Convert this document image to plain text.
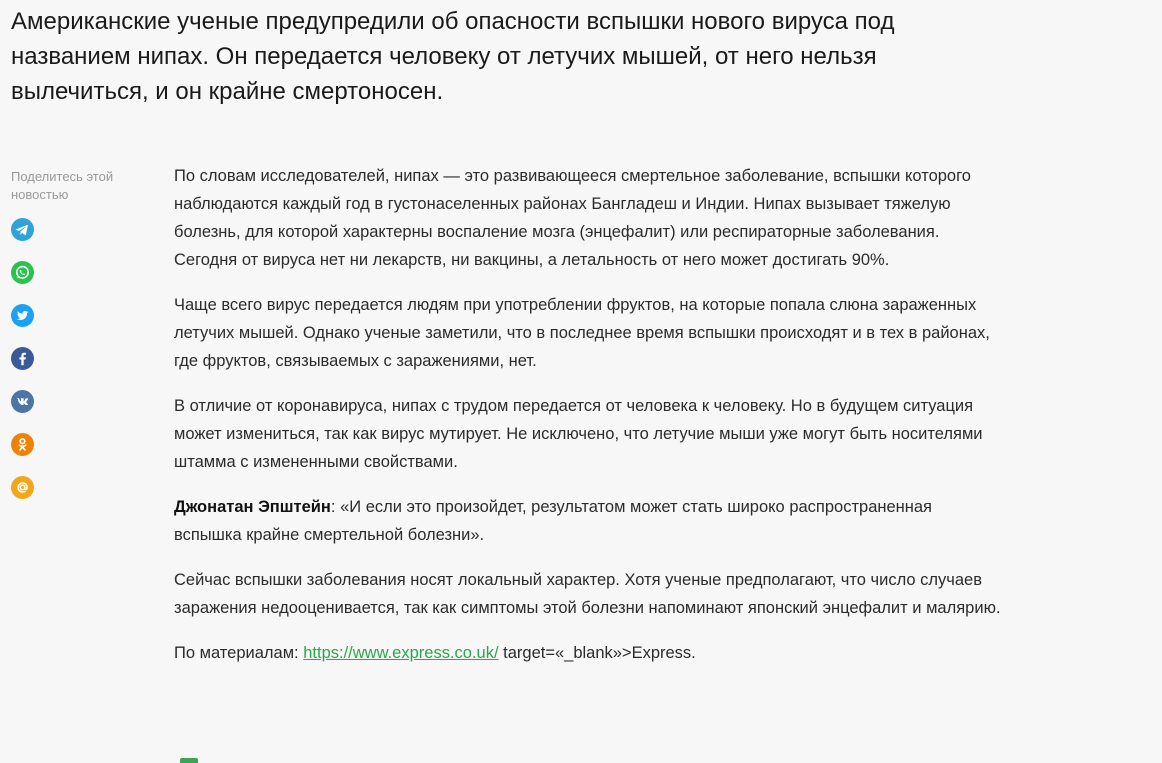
Американские ученые предупредили об опасности вспышки нового вируса под названием нипах. Он передается человеку от летучих мышей, от него нельзя вылечиться, и он крайне смертоносен.
Поделитесь этой новостью

По словам исследователей, нипах — это развивающееся смертельное заболевание, вспышки которого наблюдаются каждый год в густонаселенных районах Бангладеш и Индии. Нипах вызывает тяжелую болезнь, для которой характерны воспаление мозга (энцефалит) или респираторные заболевания. Сегодня от вируса нет ни лекарств, ни вакцины, а летальность от него может достигать 90%.

Чаще всего вирус передается людям при употреблении фруктов, на которые попала слюна зараженных летучих мышей. Однако ученые заметили, что в последнее время вспышки происходят и в тех в районах, где фруктов, связываемых с заражениями, нет.

В отличие от коронавируса, нипах с трудом передается от человека к человеку. Но в будущем ситуация может измениться, так как вирус мутирует. Не исключено, что летучие мыши уже могут быть носителями штамма с измененными свойствами.

Джонатан Эпштейн: «И если это произойдет, результатом может стать широко распространенная вспышка крайне смертельной болезни».

Сейчас вспышки заболевания носят локальный характер. Хотя ученые предполагают, что число случаев заражения недооценивается, так как симптомы этой болезни напоминают японский энцефалит и малярию.

По материалам: https://www.express.co.uk/ target=«_blank»>Express.
